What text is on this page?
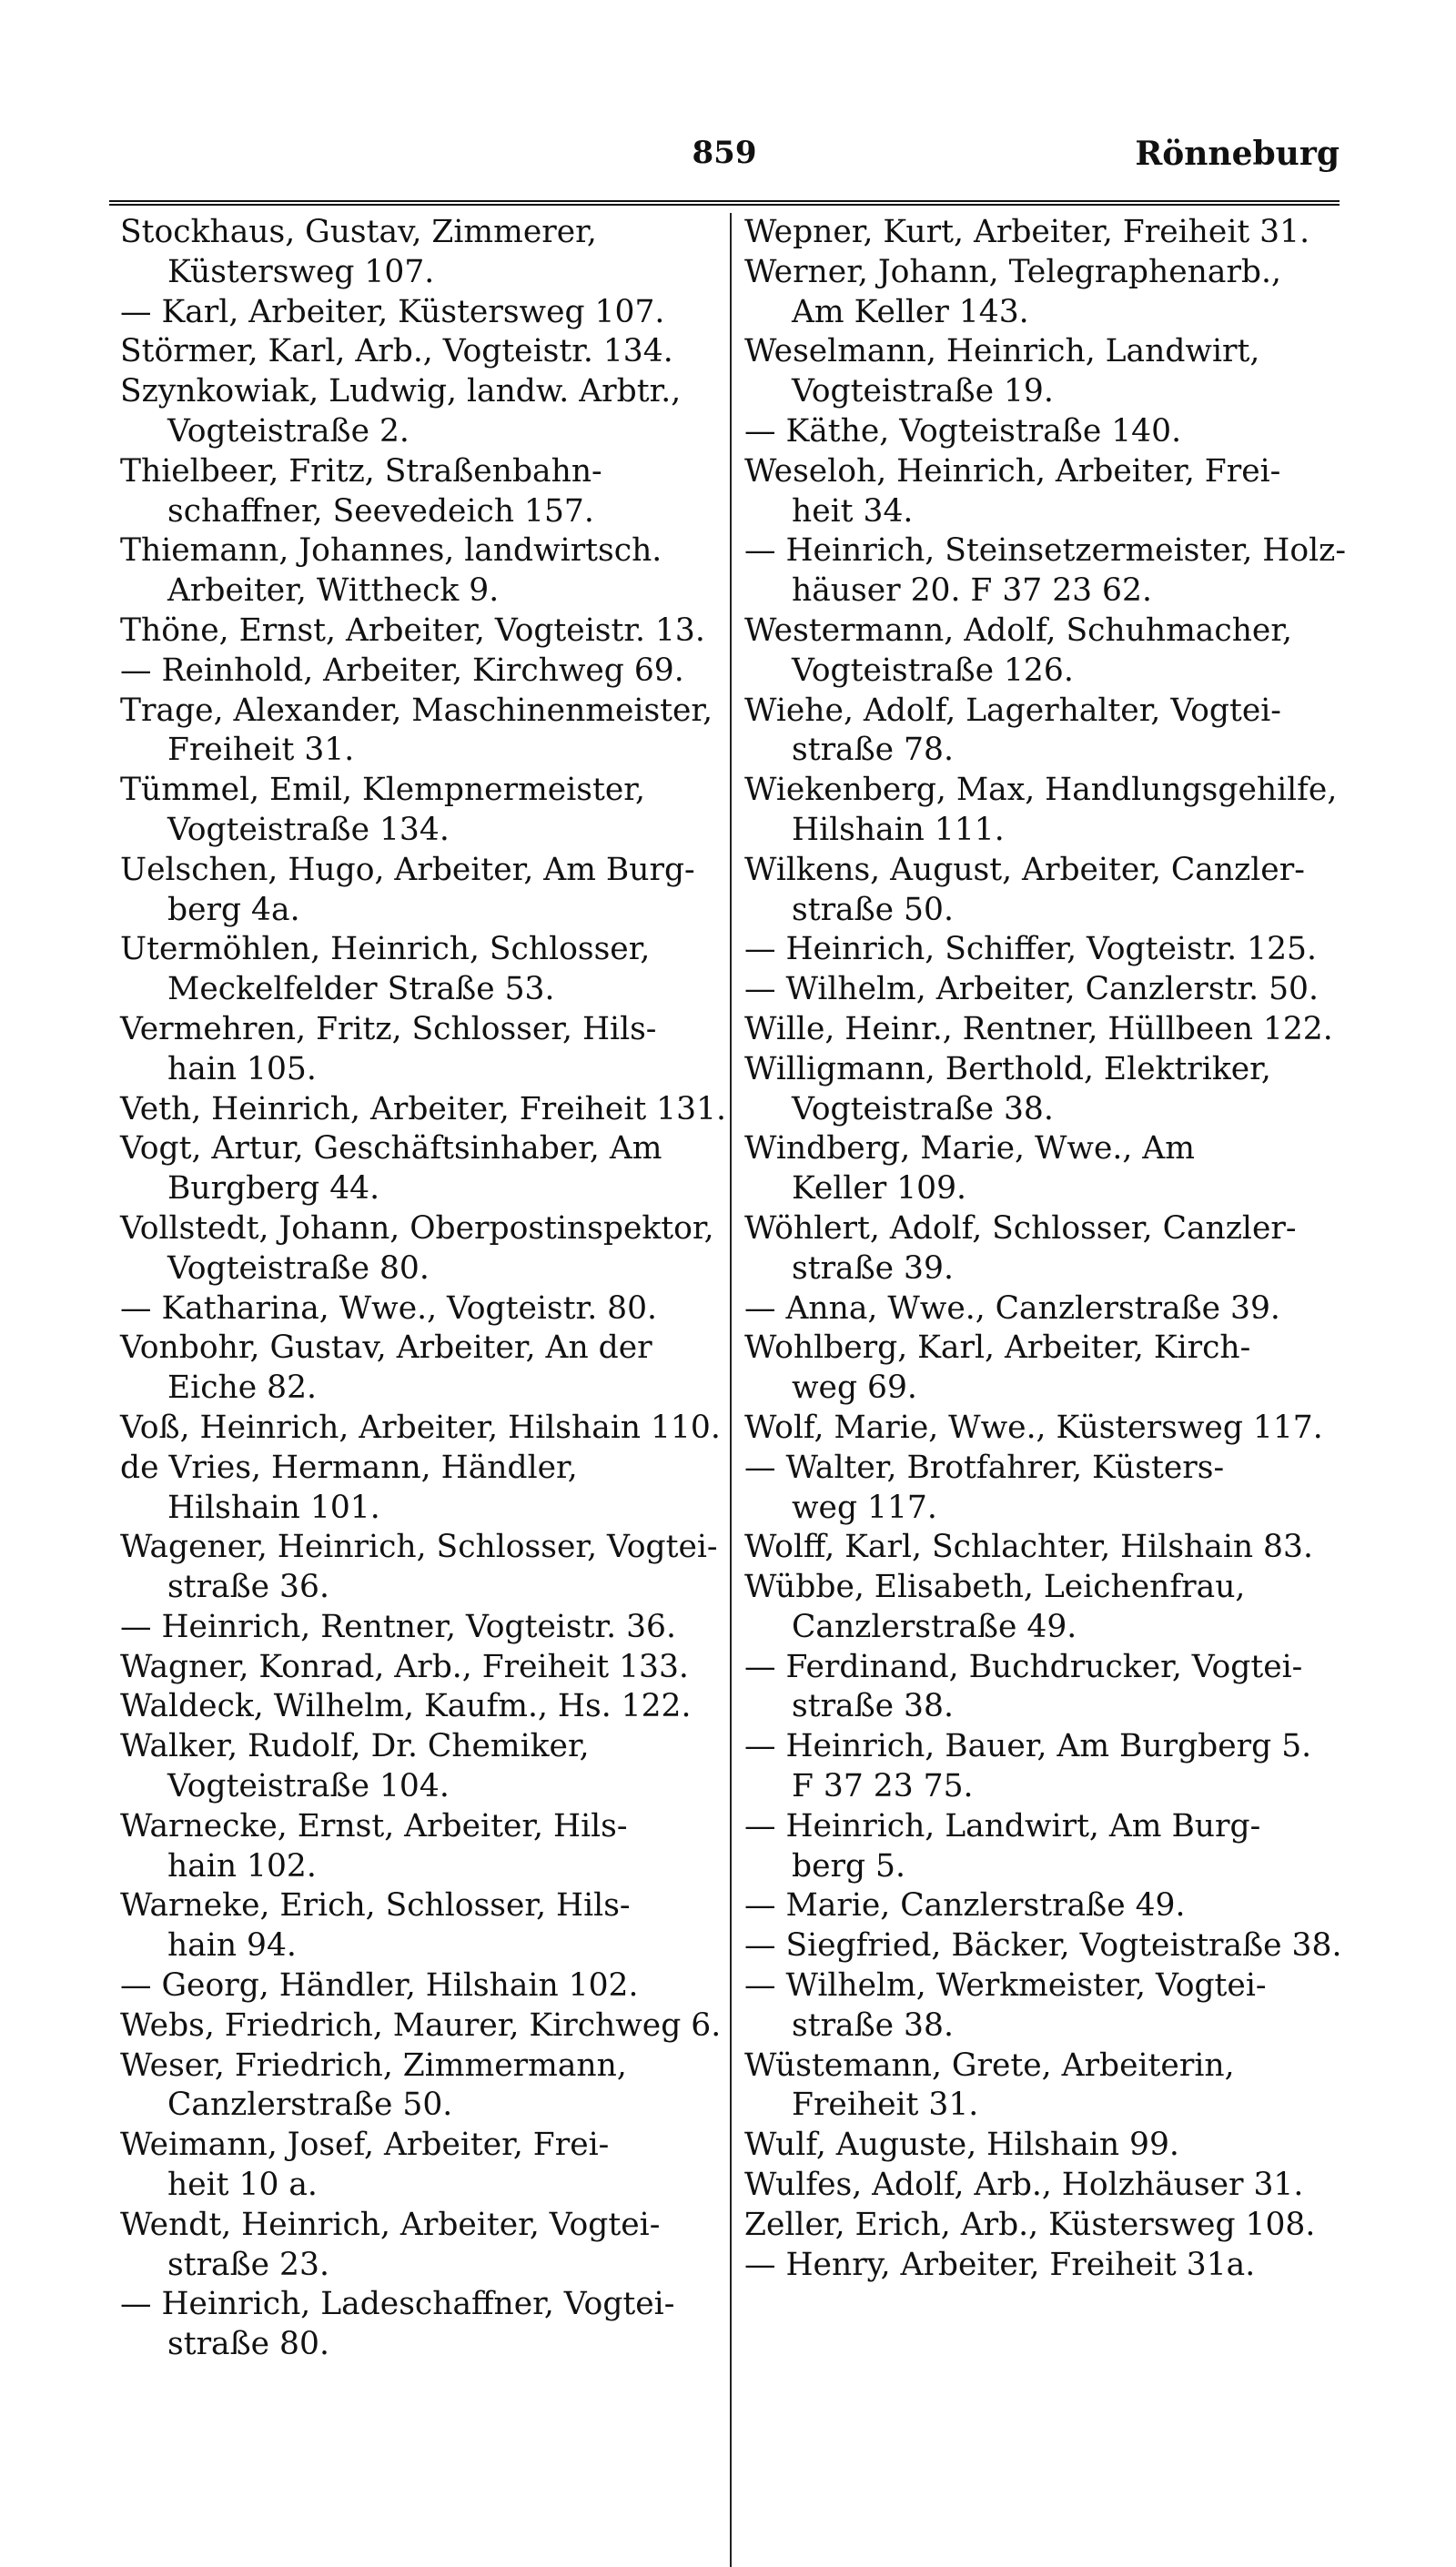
859	Rönneburg
Stockhaus, Gustav, Zimmerer,
Küstersweg 107.
— Karl, Arbeiter, Küstersweg 107.
Störmer, Karl, Arb., Vogteistr. 134.
Szynkowiak, Ludwig, landw. Arbtr.,
Vogteistraße 2.
Thielbeer, Fritz, Straßenbahn-
schaffner, Seevedeich 157.
Thiemann, Johannes, landwirtsch.
Arbeiter, Wittheck 9.
Thöne, Ernst, Arbeiter, Vogteistr. 13.
— Reinhold, Arbeiter, Kirchweg 69.
Trage, Alexander, Maschinenmeister,
Freiheit 31.
Tümmel, Emil, Klempnermeister,
Vogteistraße 134.
Uelschen, Hugo, Arbeiter, Am Burg-
berg 4a.
Utermöhlen, Heinrich, Schlosser,
Meckelfelder Straße 53.
Vermehren, Fritz, Schlosser, Hils-
hain 105.
Veth, Heinrich, Arbeiter, Freiheit 131.
Vogt, Artur, Geschäftsinhaber, Am
Burgberg 44.
Vollstedt, Johann, Oberpostinspektor,
Vogteistraße 80.
— Katharina, Wwe., Vogteistr. 80.
Vonbohr, Gustav, Arbeiter, An der
Eiche 82.
Voß, Heinrich, Arbeiter, Hilshain 110.
de Vries, Hermann, Händler,
Hilshain 101.
Wagener, Heinrich, Schlosser, Vogtei-
straße 36.
— Heinrich, Rentner, Vogteistr. 36.
Wagner, Konrad, Arb., Freiheit 133.
Waldeck, Wilhelm, Kaufm., Hs. 122.
Walker, Rudolf, Dr. Chemiker,
Vogteistraße 104.
Warnecke, Ernst, Arbeiter, Hils-
hain 102.
Warneke, Erich, Schlosser, Hils-
hain 94.
— Georg, Händler, Hilshain 102.
Webs, Friedrich, Maurer, Kirchweg 6.
Weser, Friedrich, Zimmermann,
Canzlerstraße 50.
Weimann, Josef, Arbeiter, Frei-
heit 10 a.
Wendt, Heinrich, Arbeiter, Vogtei-
straße 23.
— Heinrich, Ladeschaffner, Vogtei-
straße 80.
Wepner, Kurt, Arbeiter, Freiheit 31.
Werner, Johann, Telegraphenarb.,
Am Keller 143.
Weselmann, Heinrich, Landwirt,
Vogteistraße 19.
— Käthe, Vogteistraße 140.
Weseloh, Heinrich, Arbeiter, Frei-
heit 34.
— Heinrich, Steinsetzermeister, Holz-
häuser 20. F 37 23 62.
Westermann, Adolf, Schuhmacher,
Vogteistraße 126.
Wiehe, Adolf, Lagerhalter, Vogtei-
straße 78.
Wiekenberg, Max, Handlungsgehilfe,
Hilshain 111.
Wilkens, August, Arbeiter, Canzler-
straße 50.
— Heinrich, Schiffer, Vogteistr. 125.
— Wilhelm, Arbeiter, Canzlerstr. 50.
Wille, Heinr., Rentner, Hüllbeen 122.
Willigmann, Berthold, Elektriker,
Vogteistraße 38.
Windberg, Marie, Wwe., Am
Keller 109.
Wöhlert, Adolf, Schlosser, Canzler-
straße 39.
— Anna, Wwe., Canzlerstraße 39.
Wohlberg, Karl, Arbeiter, Kirch-
weg 69.
Wolf, Marie, Wwe., Küstersweg 117.
— Walter, Brotfahrer, Küsters-
weg 117.
Wolff, Karl, Schlachter, Hilshain 83.
Wübbe, Elisabeth, Leichenfrau,
Canzlerstraße 49.
— Ferdinand, Buchdrucker, Vogtei-
straße 38.
— Heinrich, Bauer, Am Burgberg 5.
F 37 23 75.
— Heinrich, Landwirt, Am Burg-
berg 5.
— Marie, Canzlerstraße 49.
— Siegfried, Bäcker, Vogteistraße 38.
— Wilhelm, Werkmeister, Vogtei-
straße 38.
Wüstemann, Grete, Arbeiterin,
Freiheit 31.
Wulf, Auguste, Hilshain 99.
Wulfes, Adolf, Arb., Holzhäuser 31.
Zeller, Erich, Arb., Küstersweg 108.
— Henry, Arbeiter, Freiheit 31a.
